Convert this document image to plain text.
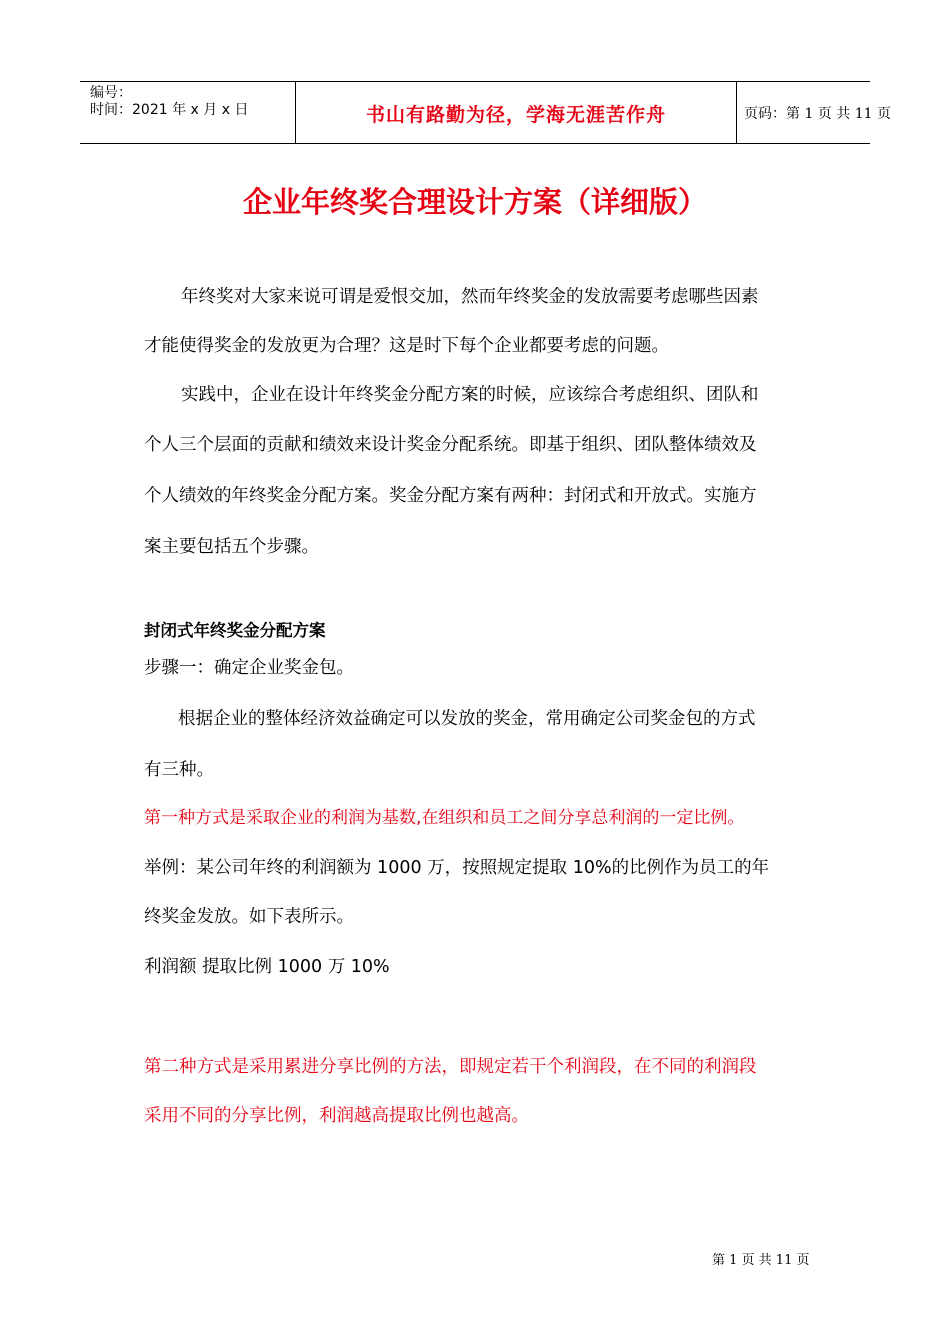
编号：
时间：2021 年 x 月 x 日	书山有路勤为径，学海无涯苦作舟	页码：第 1 页 共 11 页
企业年终奖合理设计方案（详细版）
年终奖对大家来说可谓是爱恨交加，然而年终奖金的发放需要考虑哪些因素
才能使得奖金的发放更为合理？这是时下每个企业都要考虑的问题。
实践中，企业在设计年终奖金分配方案的时候，应该综合考虑组织、团队和
个人三个层面的贡献和绩效来设计奖金分配系统。即基于组织、团队整体绩效及
个人绩效的年终奖金分配方案。奖金分配方案有两种：封闭式和开放式。实施方
案主要包括五个步骤。
封闭式年终奖金分配方案
步骤一：确定企业奖金包。
根据企业的整体经济效益确定可以发放的奖金，常用确定公司奖金包的方式
有三种。
第一种方式是采取企业的利润为基数,在组织和员工之间分享总利润的一定比例。
举例：某公司年终的利润额为 1000 万，按照规定提取 10%的比例作为员工的年
终奖金发放。如下表所示。
利润额 提取比例 1000 万 10%
第二种方式是采用累进分享比例的方法，即规定若干个利润段，在不同的利润段
采用不同的分享比例，利润越高提取比例也越高。
第 1 页 共 11 页
